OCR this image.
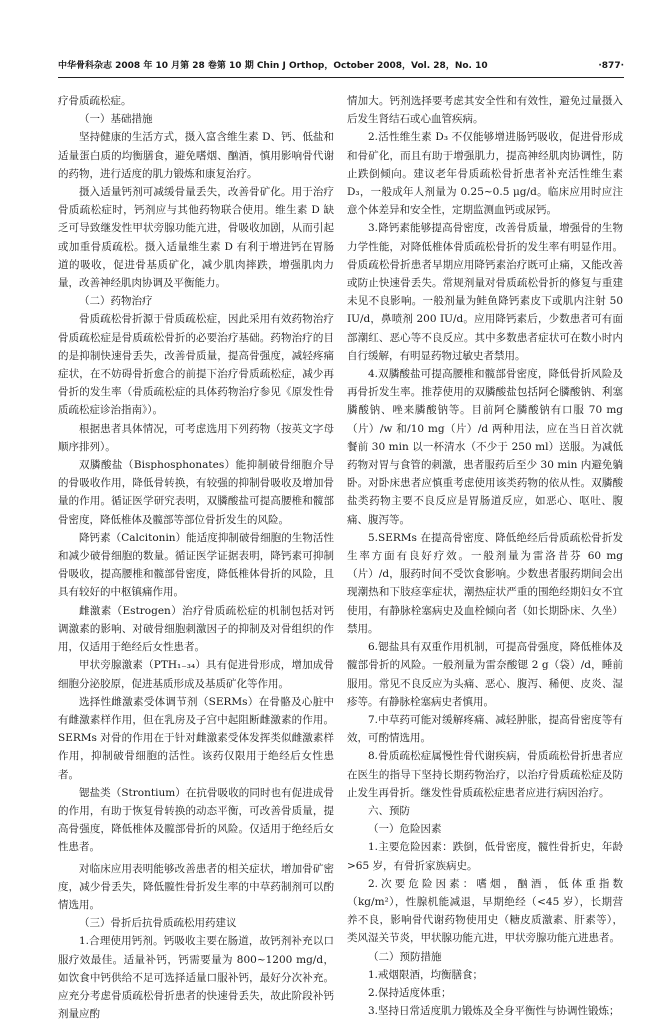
中华骨科杂志 2008 年 10 月第 28 卷第 10 期 Chin J Orthop，October 2008，Vol. 28，No. 10	·877·

疗骨质疏松症。

（一）基础措施

坚持健康的生活方式，摄入富含维生素 D、钙、低盐和适量蛋白质的均衡膳食，避免嗜烟、酗酒，慎用影响骨代谢的药物，进行适度的肌力锻炼和康复治疗。

摄入适量钙剂可减缓骨量丢失，改善骨矿化。用于治疗骨质疏松症时，钙剂应与其他药物联合使用。维生素 D 缺乏可导致继发性甲状旁腺功能亢进，骨吸收加剧，从而引起或加重骨质疏松。摄入适量维生素 D 有利于增进钙在胃肠道的吸收，促进骨基质矿化，减少肌肉摔跌，增强肌肉力量，改善神经肌肉协调及平衡能力。

（二）药物治疗

骨质疏松骨折源于骨质疏松症，因此采用有效药物治疗骨质疏松症是骨质疏松骨折的必要治疗基础。药物治疗的目的是抑制快速骨丢失，改善骨质量，提高骨强度，减轻疼痛症状，在不妨碍骨折愈合的前提下治疗骨质疏松症，减少再骨折的发生率（骨质疏松症的具体药物治疗参见《原发性骨质疏松症诊治指南》）。

根据患者具体情况，可考虑选用下列药物（按英文字母顺序排列）。

双膦酸盐（Bisphosphonates）能抑制破骨细胞介导的骨吸收作用，降低骨转换，有较强的抑制骨吸收及增加骨量的作用。循证医学研究表明，双膦酸盐可提高腰椎和髋部骨密度，降低椎体及髋部等部位骨折发生的风险。

降钙素（Calcitonin）能适度抑制破骨细胞的生物活性和减少破骨细胞的数量。循证医学证据表明，降钙素可抑制骨吸收，提高腰椎和髋部骨密度，降低椎体骨折的风险，且具有较好的中枢镇痛作用。

雌激素（Estrogen）治疗骨质疏松症的机制包括对钙调激素的影响、对破骨细胞刺激因子的抑制及对骨组织的作用，仅适用于绝经后女性患者。

甲状旁腺激素（PTH₁₋₃₄）具有促进骨形成，增加成骨细胞分泌胶原，促进基质形成及基质矿化等作用。

选择性雌激素受体调节剂（SERMs）在骨骼及心脏中有雌激素样作用，但在乳房及子宫中起阻断雌激素的作用。SERMs 对骨的作用在于针对雌激素受体发挥类似雌激素样作用，抑制破骨细胞的活性。该药仅限用于绝经后女性患者。

锶盐类（Strontium）在抗骨吸收的同时也有促进成骨的作用，有助于恢复骨转换的动态平衡，可改善骨质量，提高骨强度，降低椎体及髋部骨折的风险。仅适用于绝经后女性患者。

对临床应用表明能够改善患者的相关症状，增加骨矿密度，减少骨丢失，降低髋性骨折发生率的中草药制剂可以酌情选用。

（三）骨折后抗骨质疏松用药建议

1.合理使用钙剂。钙吸收主要在肠道，故钙剂补充以口服疗效最佳。适量补钙，钙需要量为 800~1200 mg/d，如饮食中钙供给不足可选择适量口服补钙，最好分次补充。应充分考虑骨质疏松骨折患者的快速骨丢失，故此阶段补钙剂量应酌

情加大。钙剂选择要考虑其安全性和有效性，避免过量摄入后发生肾结石或心血管疾病。

2.活性维生素 D₃ 不仅能够增进肠钙吸收，促进骨形成和骨矿化，而且有助于增强肌力，提高神经肌肉协调性，防止跌倒倾向。建议老年骨质疏松骨折患者补充活性维生素 D₃，一般成年人剂量为 0.25~0.5 μg/d。临床应用时应注意个体差异和安全性，定期监测血钙或尿钙。

3.降钙素能够提高骨密度，改善骨质量，增强骨的生物力学性能，对降低椎体骨质疏松骨折的发生率有明显作用。骨质疏松骨折患者早期应用降钙素治疗既可止痛，又能改善或防止快速骨丢失。常规剂量对骨质疏松骨折的修复与重建未见不良影响。一般剂量为鲑鱼降钙素皮下或肌内注射 50 IU/d，鼻喷剂 200 IU/d。应用降钙素后，少数患者可有面部潮红、恶心等不良反应。其中多数患者症状可在数小时内自行缓解，有明显药物过敏史者禁用。

4.双膦酸盐可提高腰椎和髋部骨密度，降低骨折风险及再骨折发生率。推荐使用的双膦酸盐包括阿仑膦酸钠、利塞膦酸钠、唑来膦酸钠等。目前阿仑膦酸钠有口服 70 mg（片）/w 和/10 mg（片）/d 两种用法，应在当日首次就餐前 30 min 以一杯清水（不少于 250 ml）送服。为减低药物对胃与食管的刺激，患者服药后至少 30 min 内避免躺卧。对卧床患者应慎重考虑使用该类药物的依从性。双膦酸盐类药物主要不良反应是胃肠道反应，如恶心、呕吐、腹痛、腹泻等。

5.SERMs 在提高骨密度、降低绝经后骨质疏松骨折发生率方面有良好疗效。一般剂量为雷洛昔芬 60 mg（片）/d，服药时间不受饮食影响。少数患者服药期间会出现潮热和下肢痉挛症状，潮热症状严重的围绝经期妇女不宜使用，有静脉栓塞病史及血栓倾向者（如长期卧床、久坐）禁用。

6.锶盐具有双重作用机制，可提高骨强度，降低椎体及髋部骨折的风险。一般剂量为雷奈酸锶 2 g（袋）/d，睡前服用。常见不良反应为头痛、恶心、腹泻、稀便、皮炎、湿疹等。有静脉栓塞病史者慎用。

7.中草药可能对缓解疼痛、减轻肿胀，提高骨密度等有效，可酌情选用。

8.骨质疏松症属慢性骨代谢疾病，骨质疏松骨折患者应在医生的指导下坚持长期药物治疗，以治疗骨质疏松症及防止发生再骨折。继发性骨质疏松症患者应进行病因治疗。

六、预防

（一）危险因素

1.主要危险因素：跌倒，低骨密度，髋性骨折史，年龄>65 岁，有骨折家族病史。

2.次要危险因素：嗜烟，酗酒，低体重指数（kg/m²），性腺机能减退，早期绝经（<45 岁），长期营养不良，影响骨代谢药物使用史（糖皮质激素、肝素等），类风湿关节炎，甲状腺功能亢进，甲状旁腺功能亢进患者。

（二）预防措施

1.戒烟限酒，均衡膳食；

2.保持适度体重；

3.坚持日常适度肌力锻炼及全身平衡性与协调性锻炼；
